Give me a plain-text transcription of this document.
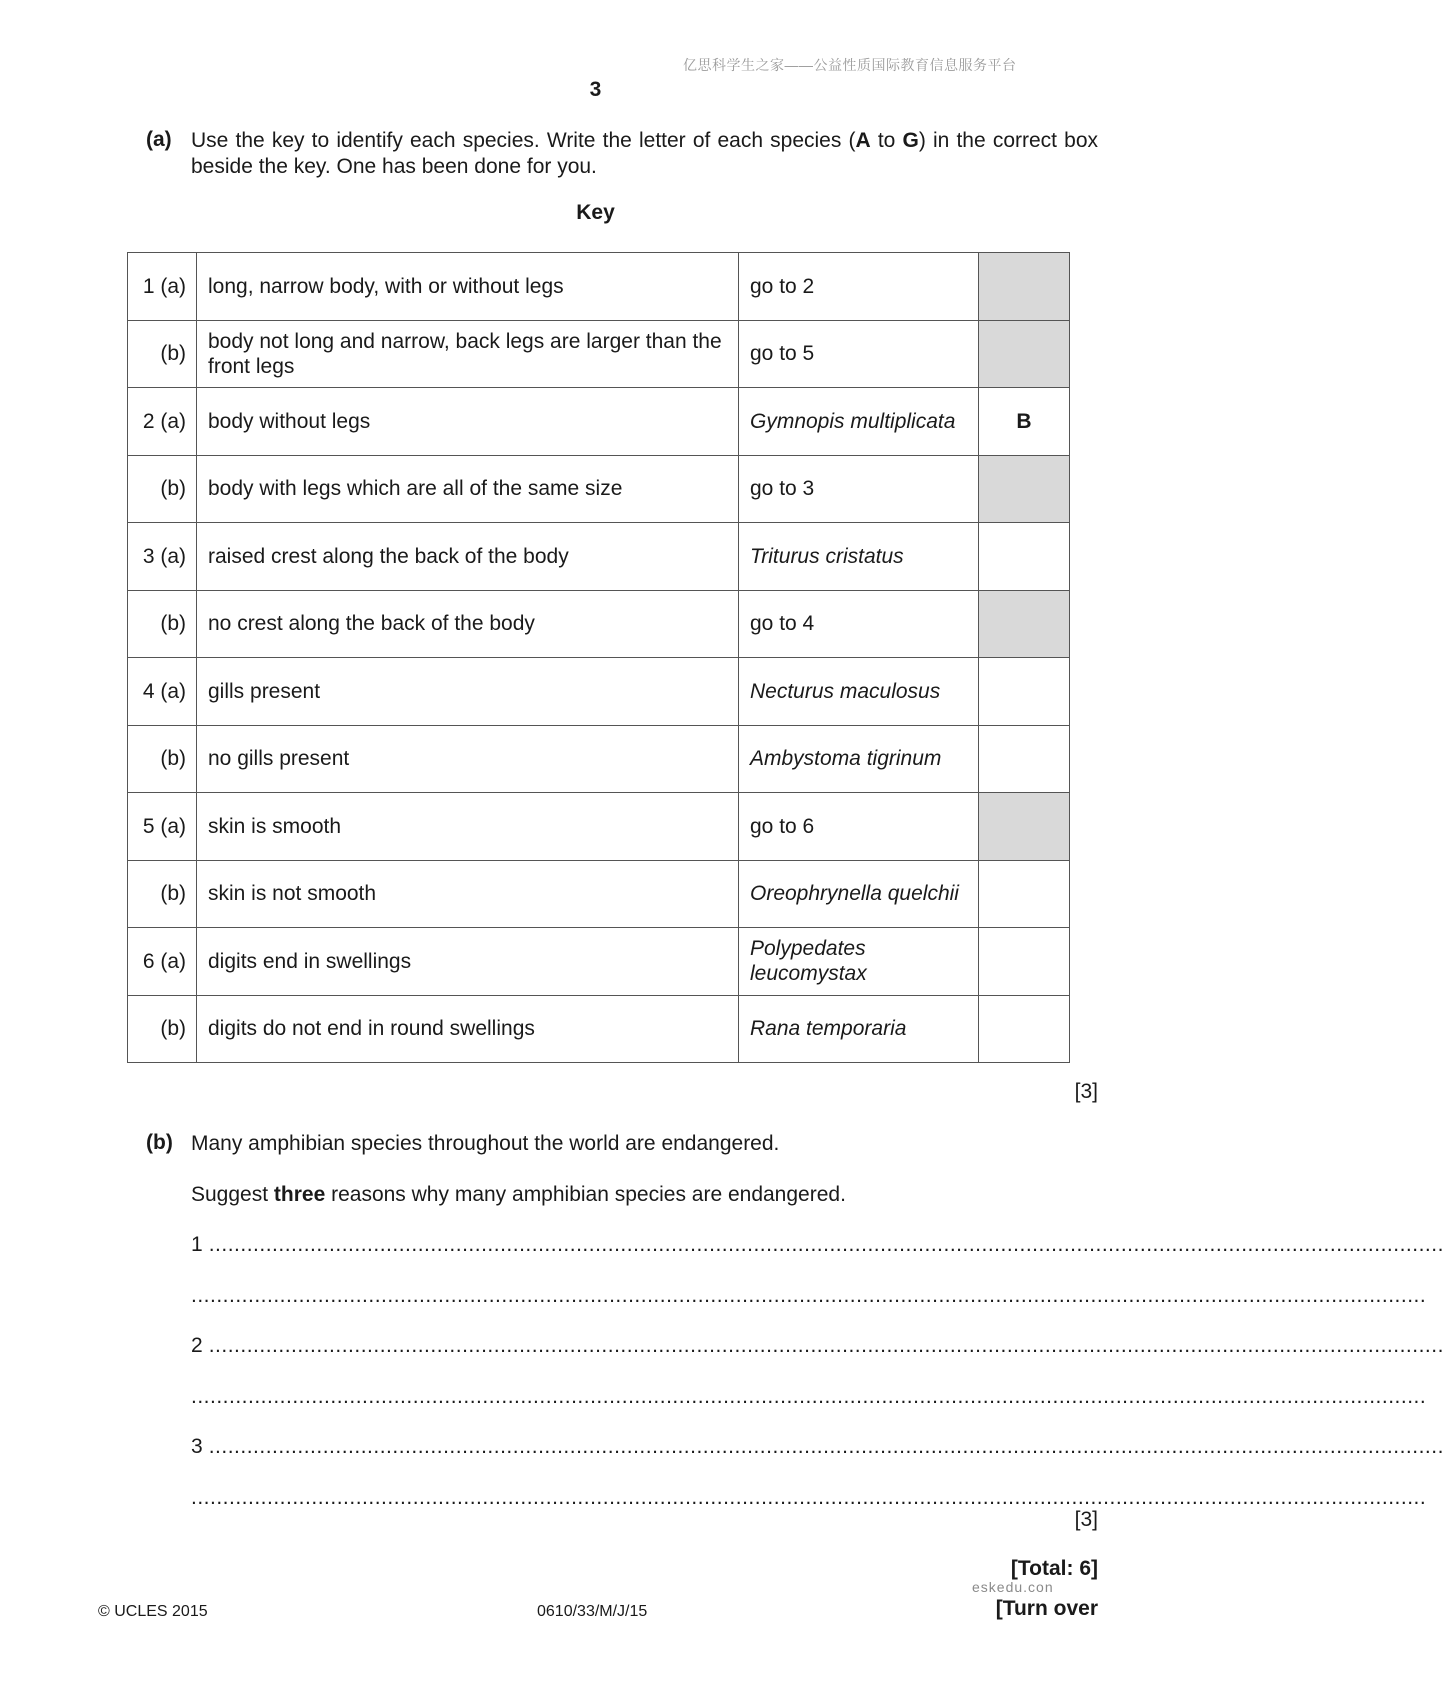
亿思科学生之家——公益性质国际教育信息服务平台
3
(a) Use the key to identify each species. Write the letter of each species (A to G) in the correct box beside the key. One has been done for you.
Key
1 (a)	long, narrow body, with or without legs	go to 2	
(b)	body not long and narrow, back legs are larger than the front legs	go to 5	
2 (a)	body without legs	Gymnopis multiplicata	B
(b)	body with legs which are all of the same size	go to 3	
3 (a)	raised crest along the back of the body	Triturus cristatus	
(b)	no crest along the back of the body	go to 4	
4 (a)	gills present	Necturus maculosus	
(b)	no gills present	Ambystoma tigrinum	
5 (a)	skin is smooth	go to 6	
(b)	skin is not smooth	Oreophrynella quelchii	
6 (a)	digits end in swellings	Polypedates leucomystax	
(b)	digits do not end in round swellings	Rana temporaria	
[3]
(b) Many amphibian species throughout the world are endangered.
Suggest three reasons why many amphibian species are endangered.
1 ...................................................................................................................................................................................................
...................................................................................................................................................................................................
2 ...................................................................................................................................................................................................
...................................................................................................................................................................................................
3 ...................................................................................................................................................................................................
...................................................................................................................................................................................................
[3]
[Total: 6]
eskedu.con
© UCLES 2015	0610/33/M/J/15	[Turn over
